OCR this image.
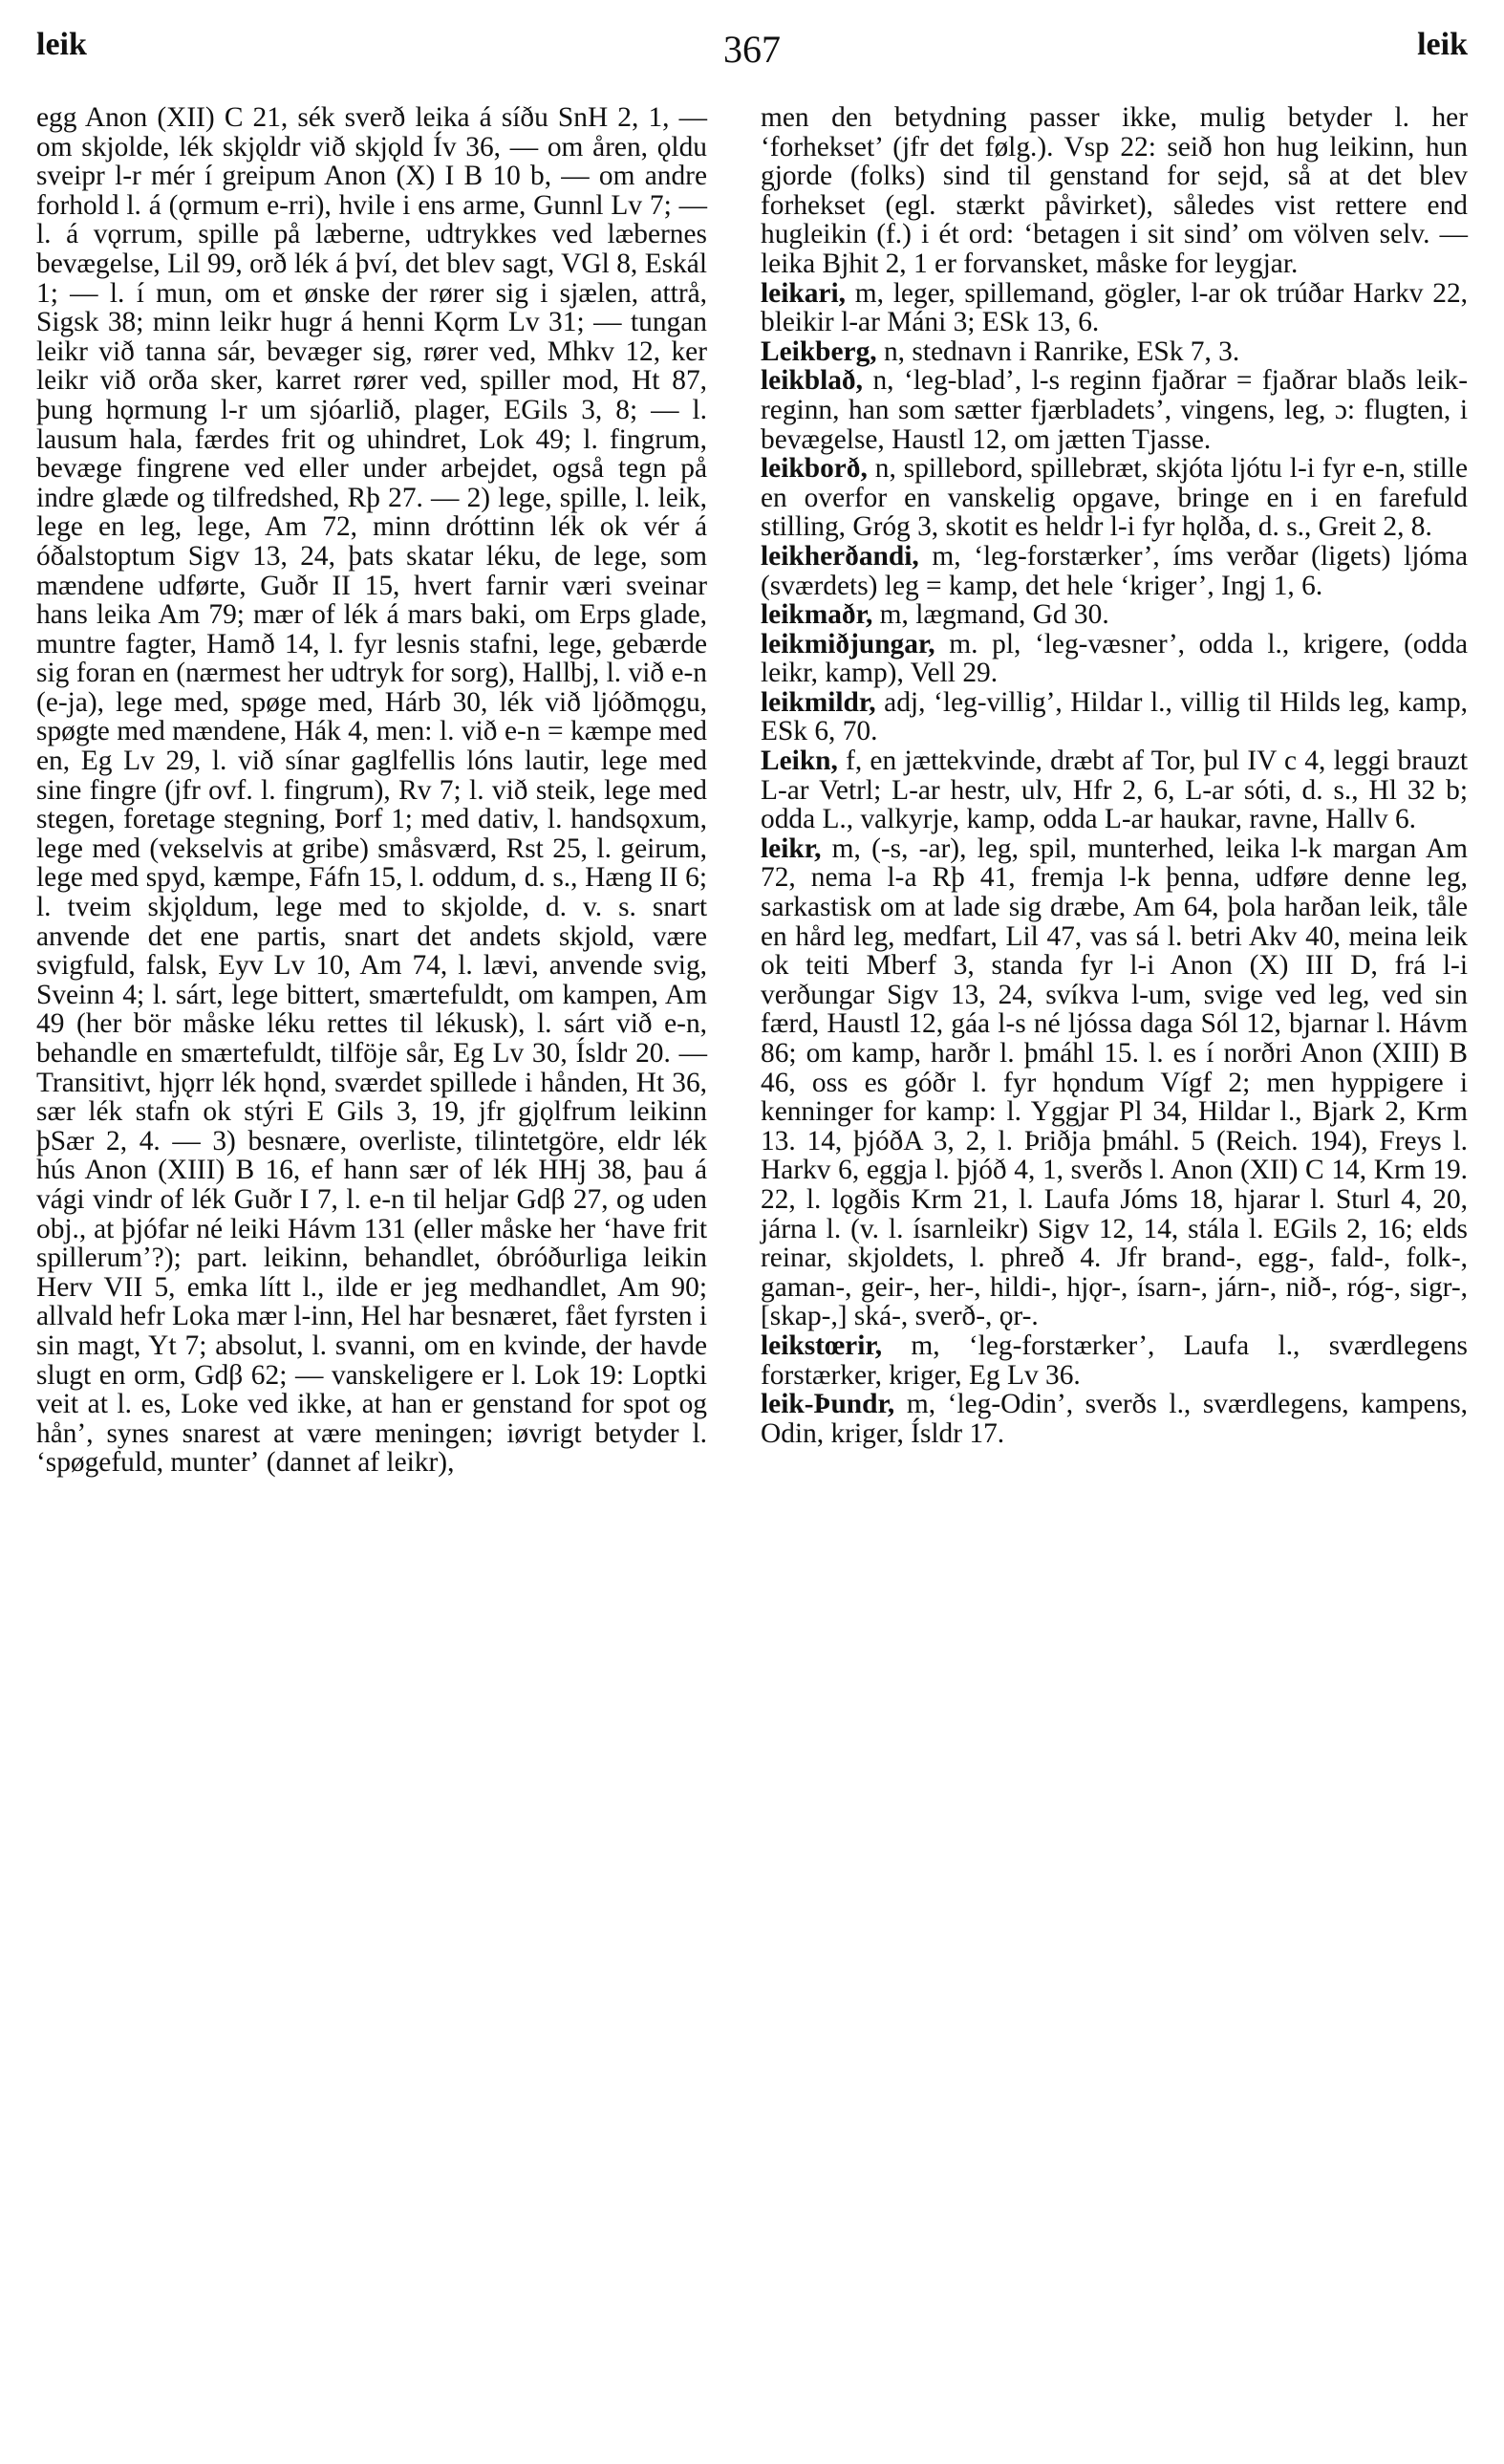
leik	367	leik

egg Anon (XII) C 21, sék sverð leika á síðu SnH 2, 1, — om skjolde, lék skjǫldr við skjǫld Ív 36, — om åren, ǫldu sveipr l-r mér í greipum Anon (X) I B 10 b, — om andre forhold l. á (ǫrmum e-rri), hvile i ens arme, Gunnl Lv 7; — l. á vǫrrum, spille på læberne, udtrykkes ved læbernes bevægelse, Lil 99, orð lék á því, det blev sagt, VGl 8, Eskál 1; — l. í mun, om et ønske der rører sig i sjælen, attrå, Sigsk 38; minn leikr hugr á henni Kǫrm Lv 31; — tungan leikr við tanna sár, bevæger sig, rører ved, Mhkv 12, ker leikr við orða sker, karret rører ved, spiller mod, Ht 87, þung hǫrmung l-r um sjóarlið, plager, EGils 3, 8; — l. lausum hala, færdes frit og uhindret, Lok 49; l. fingrum, bevæge fingrene ved eller under arbejdet, også tegn på indre glæde og tilfredshed, Rþ 27. — 2) lege, spille, l. leik, lege en leg, lege, Am 72, minn dróttinn lék ok vér á óðalstoptum Sigv 13, 24, þats skatar léku, de lege, som mændene udførte, Guðr II 15, hvert farnir væri sveinar hans leika Am 79; mær of lék á mars baki, om Erps glade, muntre fagter, Hamð 14, l. fyr lesnis stafni, lege, gebærde sig foran en (nærmest her udtryk for sorg), Hallbj, l. við e-n (e-ja), lege med, spøge med, Hárb 30, lék við ljóðmǫgu, spøgte med mændene, Hák 4, men: l. við e-n = kæmpe med en, Eg Lv 29, l. við sínar gaglfellis lóns lautir, lege med sine fingre (jfr ovf. l. fingrum), Rv 7; l. við steik, lege med stegen, foretage stegning, Þorf 1; med dativ, l. handsǫxum, lege med (vekselvis at gribe) småsværd, Rst 25, l. geirum, lege med spyd, kæmpe, Fáfn 15, l. oddum, d. s., Hæng II 6; l. tveim skjǫldum, lege med to skjolde, d. v. s. snart anvende det ene partis, snart det andets skjold, være svigfuld, falsk, Eyv Lv 10, Am 74, l. lævi, anvende svig, Sveinn 4; l. sárt, lege bittert, smærtefuldt, om kampen, Am 49 (her bör måske léku rettes til lékusk), l. sárt við e-n, behandle en smærtefuldt, tilföje sår, Eg Lv 30, Ísldr 20. — Transitivt, hjǫrr lék hǫnd, sværdet spillede i hånden, Ht 36, sær lék stafn ok stýri E Gils 3, 19, jfr gjǫlfrum leikinn þSær 2, 4. — 3) besnære, overliste, tilintetgöre, eldr lék hús Anon (XIII) B 16, ef hann sær of lék HHj 38, þau á vági vindr of lék Guðr I 7, l. e-n til heljar Gdβ 27, og uden obj., at þjófar né leiki Hávm 131 (eller måske her ʻhave frit spillerumʼ?); part. leikinn, behandlet, óbróðurliga leikin Herv VII 5, emka lítt l., ilde er jeg medhandlet, Am 90; allvald hefr Loka mær l-inn, Hel har besnæret, fået fyrsten i sin magt, Yt 7; absolut, l. svanni, om en kvinde, der havde slugt en orm, Gdβ 62; — vanskeligere er l. Lok 19: Loptki veit at l. es, Loke ved ikke, at han er genstand for spot og hån’, synes snarest at være meningen; iøvrigt betyder l. ʻspøgefuld, munterʼ (dannet af leikr),

men den betydning passer ikke, mulig betyder l. her ʻforhekset’ (jfr det følg.). Vsp 22: seið hon hug leikinn, hun gjorde (folks) sind til genstand for sejd, så at det blev forhekset (egl. stærkt påvirket), således vist rettere end hugleikin (f.) i ét ord: ʻbetagen i sit sind’ om völven selv. — leika Bjhit 2, 1 er forvansket, måske for leygjar.

leikari, m, leger, spillemand, gögler, l-ar ok trúðar Harkv 22, bleikir l-ar Máni 3; ESk 13, 6.

Leikberg, n, stednavn i Ranrike, ESk 7, 3.

leikblað, n, ʻleg-blad’, l-s reginn fjaðrar = fjaðrar blaðs leik-reginn, han som sætter fjærbladets’, vingens, leg, ɔ: flugten, i bevægelse, Haustl 12, om jætten Tjasse.

leikborð, n, spillebord, spillebræt, skjóta ljótu l-i fyr e-n, stille en overfor en vanskelig opgave, bringe en i en farefuld stilling, Gróg 3, skotit es heldr l-i fyr hǫlða, d. s., Greit 2, 8.

leikherðandi, m, ʻleg-forstærker’, íms verðar (ligets) ljóma (sværdets) leg = kamp, det hele ʻkriger’, Ingj 1, 6.

leikmaðr, m, lægmand, Gd 30.

leikmiðjungar, m. pl, ʻleg-væsner’, odda l., krigere, (odda leikr, kamp), Vell 29.

leikmildr, adj, ʻleg-villig’, Hildar l., villig til Hilds leg, kamp, ESk 6, 70.

Leikn, f, en jættekvinde, dræbt af Tor, þul IV c 4, leggi brauzt L-ar Vetrl; L-ar hestr, ulv, Hfr 2, 6, L-ar sóti, d. s., Hl 32 b; odda L., valkyrje, kamp, odda L-ar haukar, ravne, Hallv 6.

leikr, m, (-s, -ar), leg, spil, munterhed, leika l-k margan Am 72, nema l-a Rþ 41, fremja l-k þenna, udføre denne leg, sarkastisk om at lade sig dræbe, Am 64, þola harðan leik, tåle en hård leg, medfart, Lil 47, vas sá l. betri Akv 40, meina leik ok teiti Mberf 3, standa fyr l-i Anon (X) III D, frá l-i verðungar Sigv 13, 24, svíkva l-um, svige ved leg, ved sin færd, Haustl 12, gáa l-s né ljóssa daga Sól 12, bjarnar l. Hávm 86; om kamp, harðr l. þmáhl 15. l. es í norðri Anon (XIII) B 46, oss es góðr l. fyr hǫndum Vígf 2; men hyppigere i kenninger for kamp: l. Yggjar Pl 34, Hildar l., Bjark 2, Krm 13. 14, þjóðA 3, 2, l. Þriðja þmáhl. 5 (Reich. 194), Freys l. Harkv 6, eggja l. þjóð 4, 1, sverðs l. Anon (XII) C 14, Krm 19. 22, l. lǫgðis Krm 21, l. Laufa Jóms 18, hjarar l. Sturl 4, 20, járna l. (v. l. ísarnleikr) Sigv 12, 14, stála l. EGils 2, 16; elds reinar, skjoldets, l. phreð 4. Jfr brand-, egg-, fald-, folk-, gaman-, geir-, her-, hildi-, hjǫr-, ísarn-, járn-, nið-, róg-, sigr-, [skap-,] ská-, sverð-, ǫr-.

leikstœrir, m, ʻleg-forstærker’, Laufa l., sværdlegens forstærker, kriger, Eg Lv 36.

leik-Þundr, m, ʻleg-Odin’, sverðs l., sværdlegens, kampens, Odin, kriger, Ísldr 17.
